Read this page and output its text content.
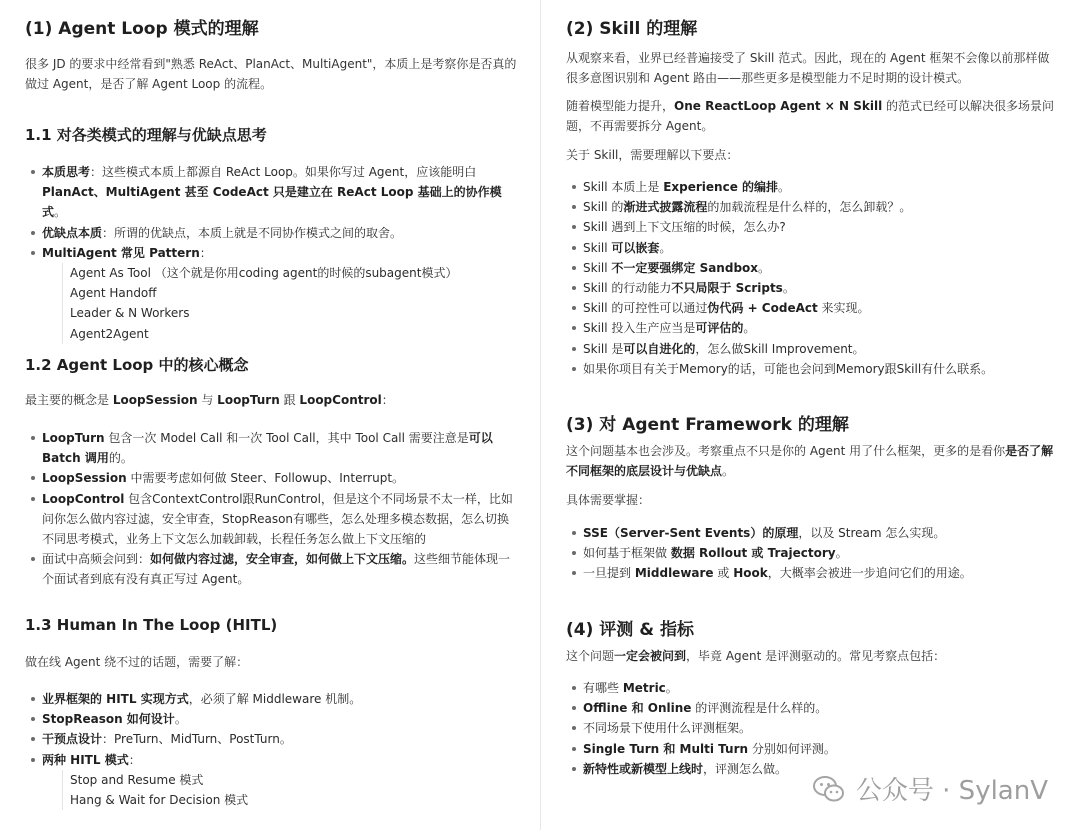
(1) Agent Loop 模式的理解
很多 JD 的要求中经常看到"熟悉 ReAct、PlanAct、MultiAgent"，本质上是考察你是否真的做过 Agent，是否了解 Agent Loop 的流程。
1.1 对各类模式的理解与优缺点思考
本质思考：这些模式本质上都源自 ReAct Loop。如果你写过 Agent，应该能明白 PlanAct、MultiAgent 甚至 CodeAct 只是建立在 ReAct Loop 基础上的协作模式。
优缺点本质：所谓的优缺点，本质上就是不同协作模式之间的取舍。
MultiAgent 常见 Pattern：
Agent As Tool （这个就是你用coding agent的时候的subagent模式）
Agent Handoff
Leader & N Workers
Agent2Agent
1.2 Agent Loop 中的核心概念
最主要的概念是 LoopSession 与 LoopTurn 跟 LoopControl：
LoopTurn 包含一次 Model Call 和一次 Tool Call，其中 Tool Call 需要注意是可以 Batch 调用的。
LoopSession 中需要考虑如何做 Steer、Followup、Interrupt。
LoopControl 包含ContextControl跟RunControl，但是这个不同场景不太一样，比如问你怎么做内容过滤，安全审查，StopReason有哪些，怎么处理多模态数据，怎么切换不同思考模式，业务上下文怎么加载卸载，长程任务怎么做上下文压缩的
面试中高频会问到：如何做内容过滤，安全审查，如何做上下文压缩。这些细节能体现一个面试者到底有没有真正写过 Agent。
1.3 Human In The Loop (HITL)
做在线 Agent 绕不过的话题，需要了解：
业界框架的 HITL 实现方式，必须了解 Middleware 机制。
StopReason 如何设计。
干预点设计：PreTurn、MidTurn、PostTurn。
两种 HITL 模式：
Stop and Resume 模式
Hang & Wait for Decision 模式
(2) Skill 的理解
从观察来看，业界已经普遍接受了 Skill 范式。因此，现在的 Agent 框架不会像以前那样做很多意图识别和 Agent 路由——那些更多是模型能力不足时期的设计模式。
随着模型能力提升，One ReactLoop Agent × N Skill 的范式已经可以解决很多场景问题，不再需要拆分 Agent。
关于 Skill，需要理解以下要点：
Skill 本质上是 Experience 的编排。
Skill 的渐进式披露流程的加载流程是什么样的，怎么卸载？。
Skill 遇到上下文压缩的时候，怎么办?
Skill 可以嵌套。
Skill 不一定要强绑定 Sandbox。
Skill 的行动能力不只局限于 Scripts。
Skill 的可控性可以通过伪代码 + CodeAct 来实现。
Skill 投入生产应当是可评估的。
Skill 是可以自进化的，怎么做Skill Improvement。
如果你项目有关于Memory的话，可能也会问到Memory跟Skill有什么联系。
(3) 对 Agent Framework 的理解
这个问题基本也会涉及。考察重点不只是你的 Agent 用了什么框架，更多的是看你是否了解不同框架的底层设计与优缺点。
具体需要掌握：
SSE（Server-Sent Events）的原理，以及 Stream 怎么实现。
如何基于框架做 数据 Rollout 或 Trajectory。
一旦提到 Middleware 或 Hook，大概率会被进一步追问它们的用途。
(4) 评测 & 指标
这个问题一定会被问到，毕竟 Agent 是评测驱动的。常见考察点包括：
有哪些 Metric。
Offline 和 Online 的评测流程是什么样的。
不同场景下使用什么评测框架。
Single Turn 和 Multi Turn 分别如何评测。
新特性或新模型上线时，评测怎么做。
公众号 · SylanV
